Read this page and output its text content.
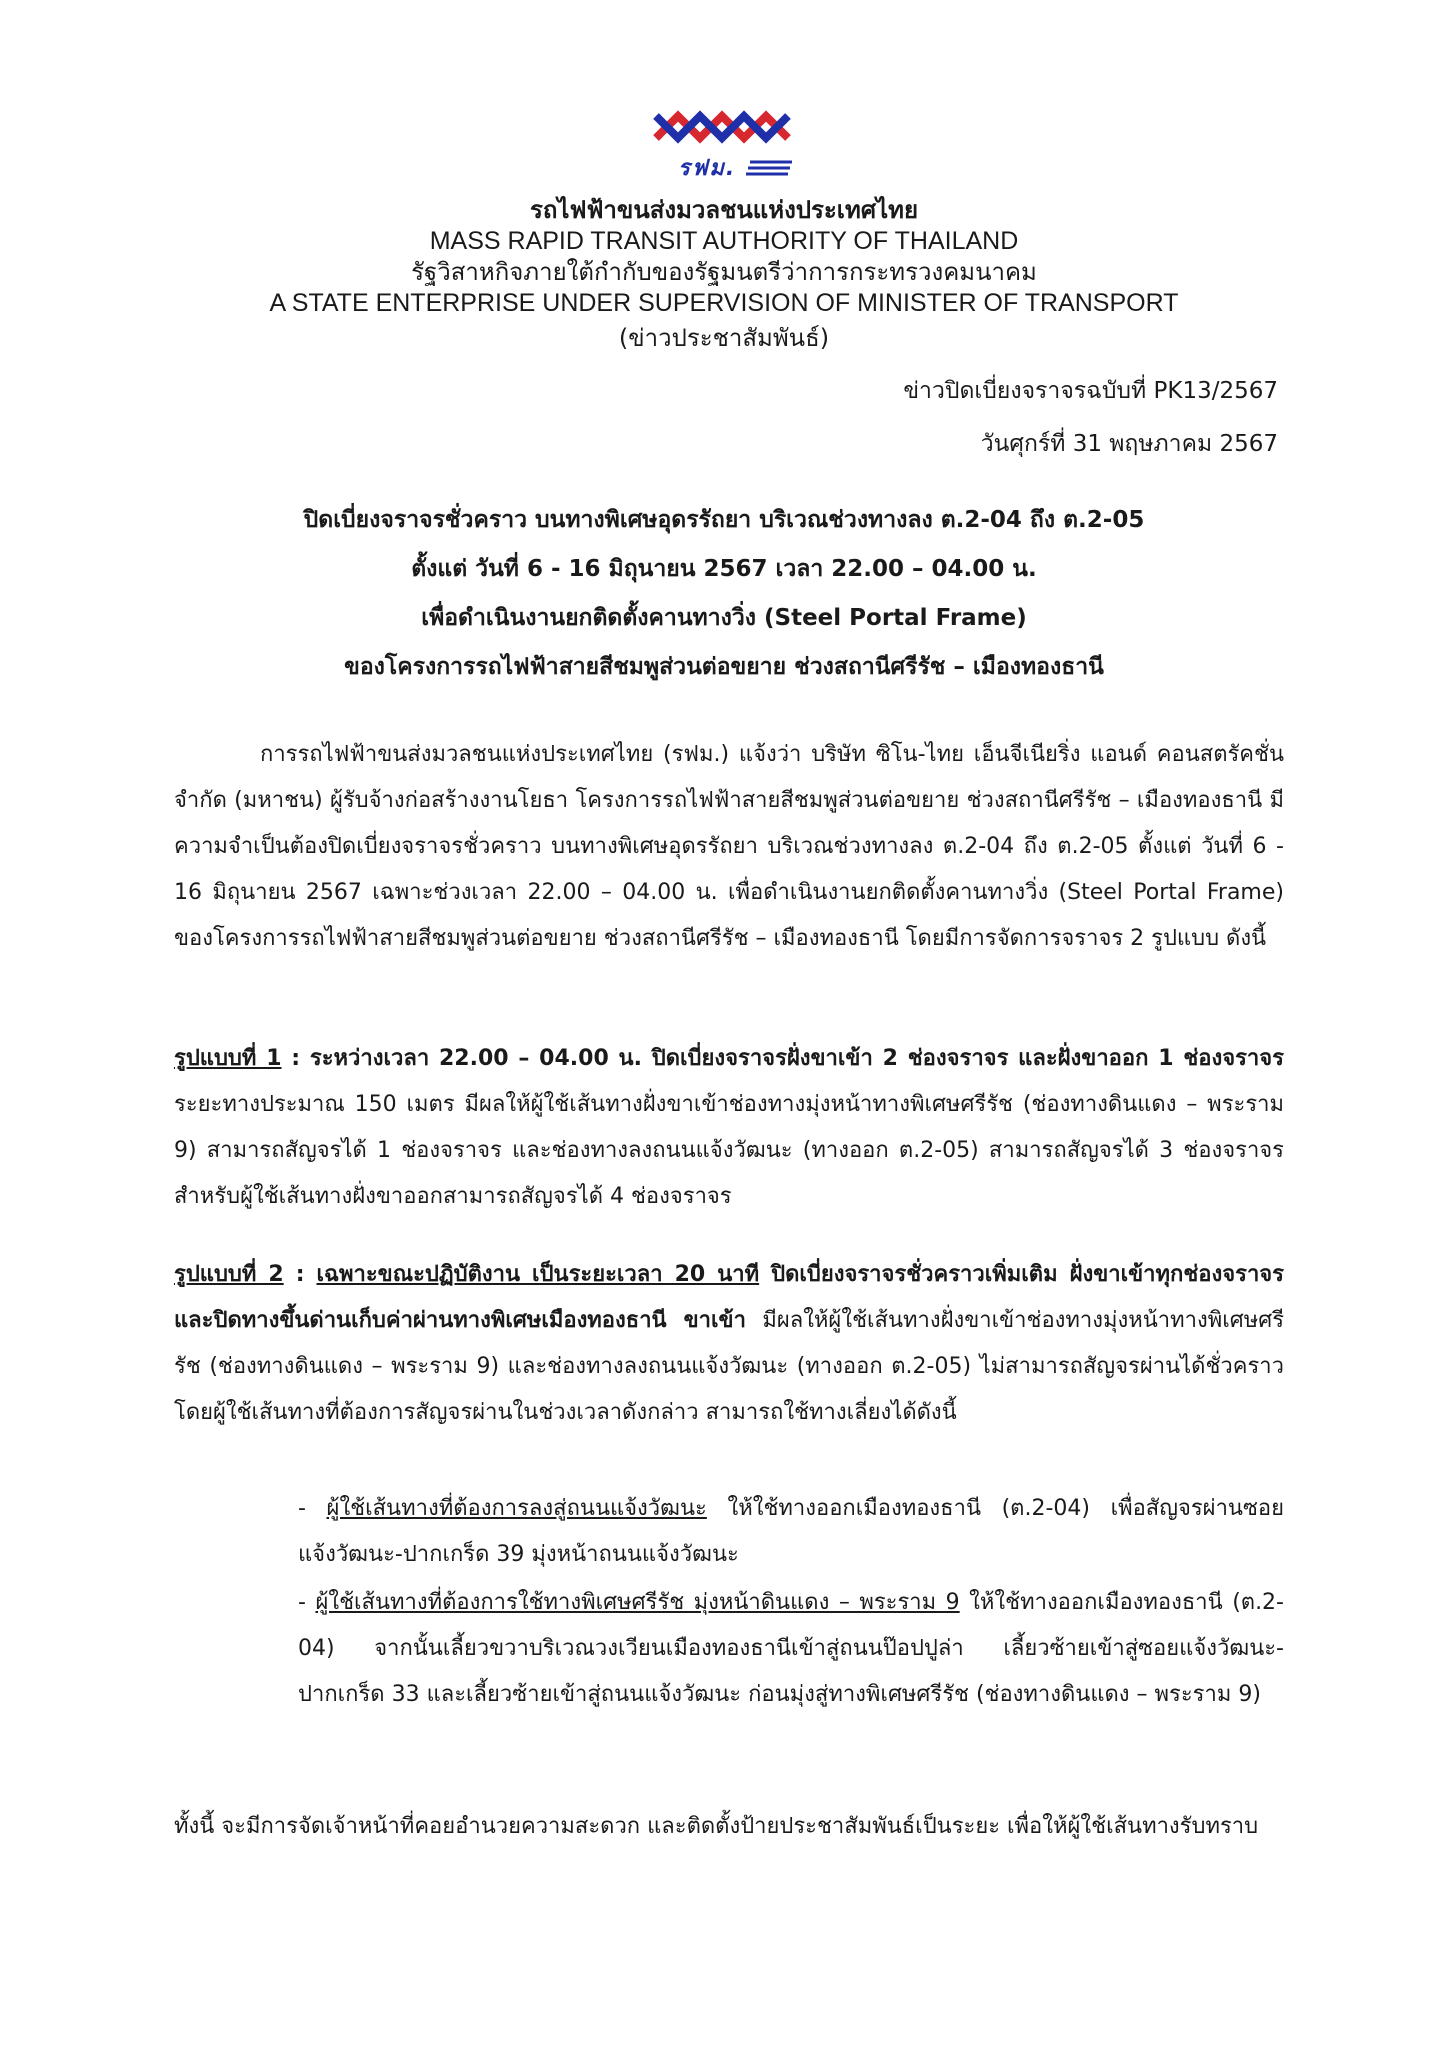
รฟม.
รถไฟฟ้าขนส่งมวลชนแห่งประเทศไทย
MASS RAPID TRANSIT AUTHORITY OF THAILAND
รัฐวิสาหกิจภายใต้กำกับของรัฐมนตรีว่าการกระทรวงคมนาคม
A STATE ENTERPRISE UNDER SUPERVISION OF MINISTER OF TRANSPORT
(ข่าวประชาสัมพันธ์)
ข่าวปิดเบี่ยงจราจรฉบับที่ PK13/2567
วันศุกร์ที่ 31 พฤษภาคม 2567
ปิดเบี่ยงจราจรชั่วคราว บนทางพิเศษอุดรรัถยา บริเวณช่วงทางลง ต.2-04 ถึง ต.2-05
ตั้งแต่ วันที่ 6 - 16 มิถุนายน 2567 เวลา 22.00 – 04.00 น.
เพื่อดำเนินงานยกติดตั้งคานทางวิ่ง (Steel Portal Frame)
ของโครงการรถไฟฟ้าสายสีชมพูส่วนต่อขยาย ช่วงสถานีศรีรัช – เมืองทองธานี
การรถไฟฟ้าขนส่งมวลชนแห่งประเทศไทย (รฟม.) แจ้งว่า บริษัท ซิโน-ไทย เอ็นจีเนียริ่ง แอนด์ คอนสตรัคชั่น จำกัด (มหาชน) ผู้รับจ้างก่อสร้างงานโยธา โครงการรถไฟฟ้าสายสีชมพูส่วนต่อขยาย ช่วงสถานีศรีรัช – เมืองทองธานี มีความจำเป็นต้องปิดเบี่ยงจราจรชั่วคราว บนทางพิเศษอุดรรัถยา บริเวณช่วงทางลง ต.2-04 ถึง ต.2-05 ตั้งแต่ วันที่ 6 - 16 มิถุนายน 2567 เฉพาะช่วงเวลา 22.00 – 04.00 น. เพื่อดำเนินงานยกติดตั้งคานทางวิ่ง (Steel Portal Frame) ของโครงการรถไฟฟ้าสายสีชมพูส่วนต่อขยาย ช่วงสถานีศรีรัช – เมืองทองธานี โดยมีการจัดการจราจร 2 รูปแบบ ดังนี้
รูปแบบที่ 1 : ระหว่างเวลา 22.00 – 04.00 น. ปิดเบี่ยงจราจรฝั่งขาเข้า 2 ช่องจราจร และฝั่งขาออก 1 ช่องจราจร ระยะทางประมาณ 150 เมตร มีผลให้ผู้ใช้เส้นทางฝั่งขาเข้าช่องทางมุ่งหน้าทางพิเศษศรีรัช (ช่องทางดินแดง – พระราม 9) สามารถสัญจรได้ 1 ช่องจราจร และช่องทางลงถนนแจ้งวัฒนะ (ทางออก ต.2-05) สามารถสัญจรได้ 3 ช่องจราจร สำหรับผู้ใช้เส้นทางฝั่งขาออกสามารถสัญจรได้ 4 ช่องจราจร
รูปแบบที่ 2 : เฉพาะขณะปฏิบัติงาน เป็นระยะเวลา 20 นาที ปิดเบี่ยงจราจรชั่วคราวเพิ่มเติม ฝั่งขาเข้าทุกช่องจราจร และปิดทางขึ้นด่านเก็บค่าผ่านทางพิเศษเมืองทองธานี ขาเข้า มีผลให้ผู้ใช้เส้นทางฝั่งขาเข้าช่องทางมุ่งหน้าทางพิเศษศรีรัช (ช่องทางดินแดง – พระราม 9) และช่องทางลงถนนแจ้งวัฒนะ (ทางออก ต.2-05) ไม่สามารถสัญจรผ่านได้ชั่วคราว โดยผู้ใช้เส้นทางที่ต้องการสัญจรผ่านในช่วงเวลาดังกล่าว สามารถใช้ทางเลี่ยงได้ดังนี้
- ผู้ใช้เส้นทางที่ต้องการลงสู่ถนนแจ้งวัฒนะ ให้ใช้ทางออกเมืองทองธานี (ต.2-04) เพื่อสัญจรผ่านซอยแจ้งวัฒนะ-ปากเกร็ด 39 มุ่งหน้าถนนแจ้งวัฒนะ
- ผู้ใช้เส้นทางที่ต้องการใช้ทางพิเศษศรีรัช มุ่งหน้าดินแดง – พระราม 9 ให้ใช้ทางออกเมืองทองธานี (ต.2-04) จากนั้นเลี้ยวขวาบริเวณวงเวียนเมืองทองธานีเข้าสู่ถนนป๊อปปูล่า เลี้ยวซ้ายเข้าสู่ซอยแจ้งวัฒนะ-ปากเกร็ด 33 และเลี้ยวซ้ายเข้าสู่ถนนแจ้งวัฒนะ ก่อนมุ่งสู่ทางพิเศษศรีรัช (ช่องทางดินแดง – พระราม 9)
ทั้งนี้ จะมีการจัดเจ้าหน้าที่คอยอำนวยความสะดวก และติดตั้งป้ายประชาสัมพันธ์เป็นระยะ เพื่อให้ผู้ใช้เส้นทางรับทราบ
